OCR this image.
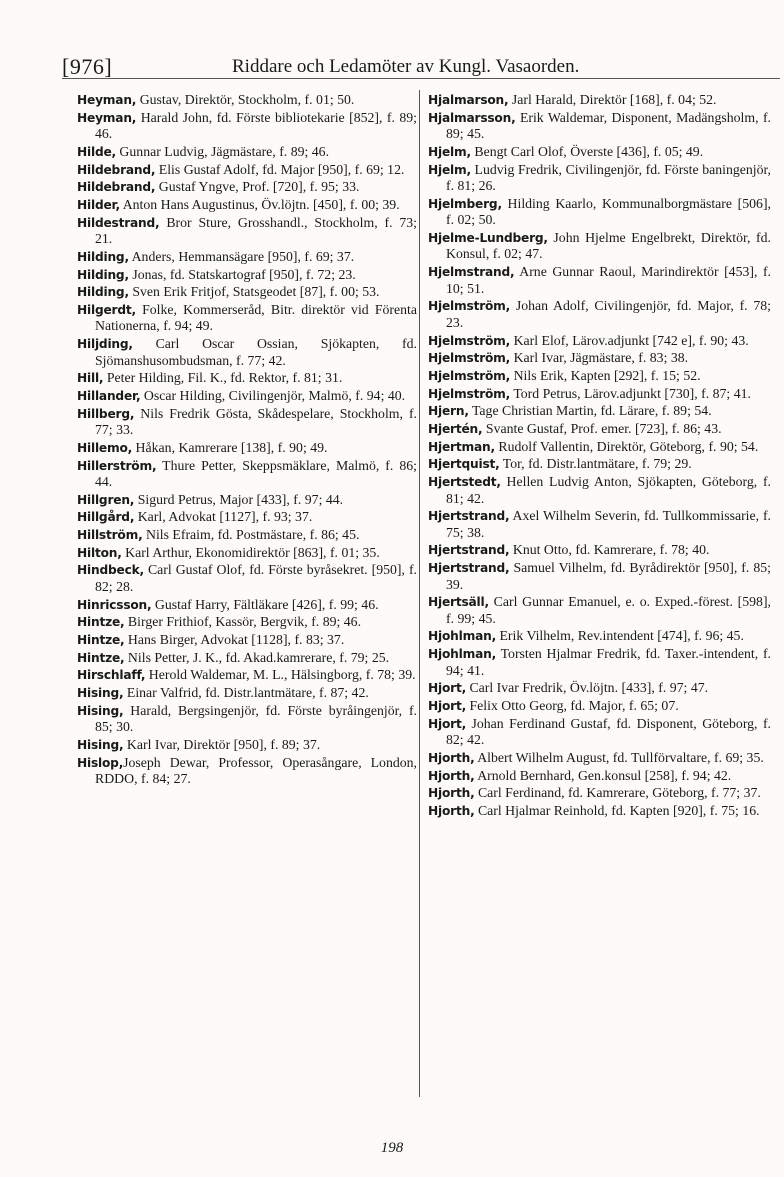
[976]	Riddare och Ledamöter av Kungl. Vasaorden.

Heyman, Gustav, Direktör, Stockholm, f. 01; 50.

Heyman, Harald John, fd. Förste bibliotekarie [852], f. 89; 46.

Hilde, Gunnar Ludvig, Jägmästare, f. 89; 46.

Hildebrand, Elis Gustaf Adolf, fd. Major [950], f. 69; 12.

Hildebrand, Gustaf Yngve, Prof. [720], f. 95; 33.

Hilder, Anton Hans Augustinus, Öv.löjtn. [450], f. 00; 39.

Hildestrand, Bror Sture, Grosshandl., Stockholm, f. 73; 21.

Hilding, Anders, Hemmansägare [950], f. 69; 37.

Hilding, Jonas, fd. Statskartograf [950], f. 72; 23.

Hilding, Sven Erik Fritjof, Statsgeodet [87], f. 00; 53.

Hilgerdt, Folke, Kommerseråd, Bitr. direktör vid Förenta Nationerna, f. 94; 49.

Hiljding, Carl Oscar Ossian, Sjökapten, fd. Sjömanshusombudsman, f. 77; 42.

Hill, Peter Hilding, Fil. K., fd. Rektor, f. 81; 31.

Hillander, Oscar Hilding, Civilingenjör, Malmö, f. 94; 40.

Hillberg, Nils Fredrik Gösta, Skådespelare, Stockholm, f. 77; 33.

Hillemo, Håkan, Kamrerare [138], f. 90; 49.

Hillerström, Thure Petter, Skeppsmäklare, Malmö, f. 86; 44.

Hillgren, Sigurd Petrus, Major [433], f. 97; 44.

Hillgård, Karl, Advokat [1127], f. 93; 37.

Hillström, Nils Efraim, fd. Postmästare, f. 86; 45.

Hilton, Karl Arthur, Ekonomidirektör [863], f. 01; 35.

Hindbeck, Carl Gustaf Olof, fd. Förste byråsekret. [950], f. 82; 28.

Hinricsson, Gustaf Harry, Fältläkare [426], f. 99; 46.

Hintze, Birger Frithiof, Kassör, Bergvik, f. 89; 46.

Hintze, Hans Birger, Advokat [1128], f. 83; 37.

Hintze, Nils Petter, J. K., fd. Akad.kamrerare, f. 79; 25.

Hirschlaff, Herold Waldemar, M. L., Hälsingborg, f. 78; 39.

Hising, Einar Valfrid, fd. Distr.lantmätare, f. 87; 42.

Hising, Harald, Bergsingenjör, fd. Förste byråingenjör, f. 85; 30.

Hising, Karl Ivar, Direktör [950], f. 89; 37.

Hislop,Joseph Dewar, Professor, Operasångare, London, RDDO, f. 84; 27.

Hjalmarson, Jarl Harald, Direktör [168], f. 04; 52.

Hjalmarsson, Erik Waldemar, Disponent, Madängsholm, f. 89; 45.

Hjelm, Bengt Carl Olof, Överste [436], f. 05; 49.

Hjelm, Ludvig Fredrik, Civilingenjör, fd. Förste baningenjör, f. 81; 26.

Hjelmberg, Hilding Kaarlo, Kommunalborgmästare [506], f. 02; 50.

Hjelme-Lundberg, John Hjelme Engelbrekt, Direktör, fd. Konsul, f. 02; 47.

Hjelmstrand, Arne Gunnar Raoul, Marindirektör [453], f. 10; 51.

Hjelmström, Johan Adolf, Civilingenjör, fd. Major, f. 78; 23.

Hjelmström, Karl Elof, Lärov.adjunkt [742 e], f. 90; 43.

Hjelmström, Karl Ivar, Jägmästare, f. 83; 38.

Hjelmström, Nils Erik, Kapten [292], f. 15; 52.

Hjelmström, Tord Petrus, Lärov.adjunkt [730], f. 87; 41.

Hjern, Tage Christian Martin, fd. Lärare, f. 89; 54.

Hjertén, Svante Gustaf, Prof. emer. [723], f. 86; 43.

Hjertman, Rudolf Vallentin, Direktör, Göteborg, f. 90; 54.

Hjertquist, Tor, fd. Distr.lantmätare, f. 79; 29.

Hjertstedt, Hellen Ludvig Anton, Sjökapten, Göteborg, f. 81; 42.

Hjertstrand, Axel Wilhelm Severin, fd. Tullkommissarie, f. 75; 38.

Hjertstrand, Knut Otto, fd. Kamrerare, f. 78; 40.

Hjertstrand, Samuel Vilhelm, fd. Byrådirektör [950], f. 85; 39.

Hjertsäll, Carl Gunnar Emanuel, e. o. Exped.-förest. [598], f. 99; 45.

Hjohlman, Erik Vilhelm, Rev.intendent [474], f. 96; 45.

Hjohlman, Torsten Hjalmar Fredrik, fd. Taxer.-intendent, f. 94; 41.

Hjort, Carl Ivar Fredrik, Öv.löjtn. [433], f. 97; 47.

Hjort, Felix Otto Georg, fd. Major, f. 65; 07.

Hjort, Johan Ferdinand Gustaf, fd. Disponent, Göteborg, f. 82; 42.

Hjorth, Albert Wilhelm August, fd. Tullförvaltare, f. 69; 35.

Hjorth, Arnold Bernhard, Gen.konsul [258], f. 94; 42.

Hjorth, Carl Ferdinand, fd. Kamrerare, Göteborg, f. 77; 37.

Hjorth, Carl Hjalmar Reinhold, fd. Kapten [920], f. 75; 16.

198
